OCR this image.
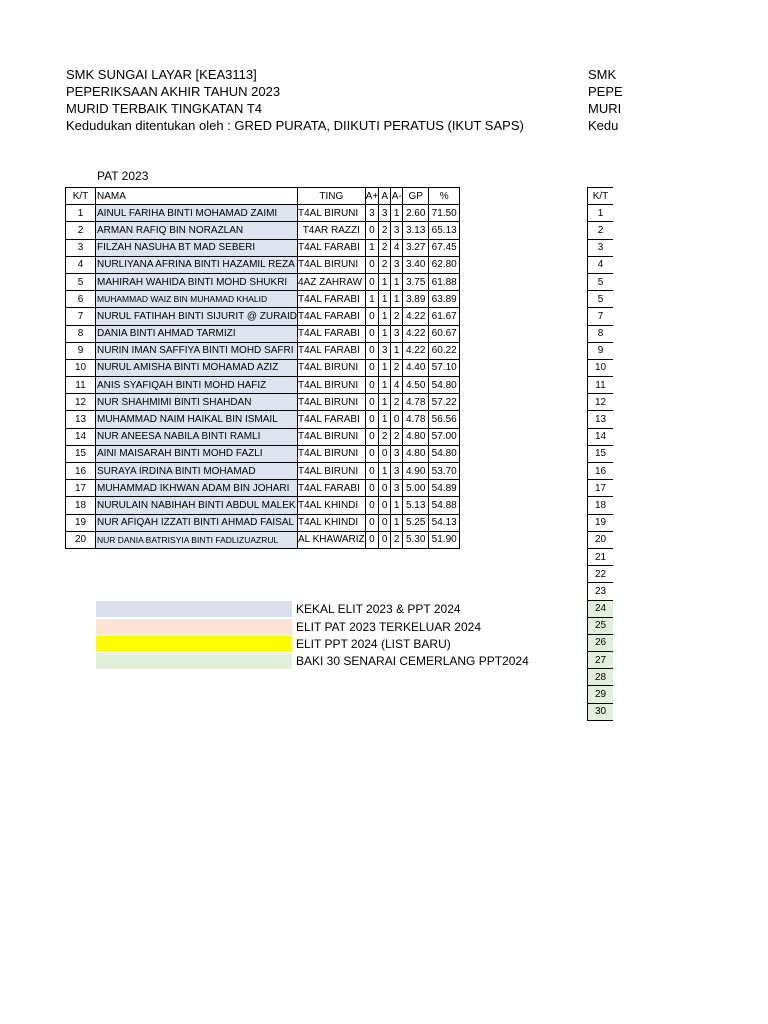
SMK SUNGAI LAYAR [KEA3113]
PEPERIKSAAN AKHIR TAHUN 2023
MURID TERBAIK TINGKATAN T4
Kedudukan ditentukan oleh : GRED PURATA, DIIKUTI PERATUS (IKUT SAPS)
SMK
PEPE
MURI
Kedu
PAT 2023
K/T	NAMA	TING	A+	A	A-	GP	%
1	AINUL FARIHA BINTI MOHAMAD ZAIMI	T4AL BIRUNI	3	3	1	2.60	71.50
2	ARMAN RAFIQ BIN NORAZLAN	T4AR RAZZI	0	2	3	3.13	65.13
3	FILZAH NASUHA BT MAD SEBERI	T4AL FARABI	1	2	4	3.27	67.45
4	NURLIYANA AFRINA BINTI HAZAMIL REZA	T4AL BIRUNI	0	2	3	3.40	62.80
5	MAHIRAH WAHIDA BINTI MOHD SHUKRI	4AZ ZAHRAW	0	1	1	3.75	61.88
6	MUHAMMAD WAIZ BIN MUHAMAD KHALID	T4AL FARABI	1	1	1	3.89	63.89
7	NURUL FATIHAH BINTI SIJURIT @ ZURAID	T4AL FARABI	0	1	2	4.22	61.67
8	DANIA BINTI AHMAD TARMIZI	T4AL FARABI	0	1	3	4.22	60.67
9	NURIN IMAN SAFFIYA BINTI MOHD SAFRI	T4AL FARABI	0	3	1	4.22	60.22
10	NURUL AMISHA BINTI MOHAMAD AZIZ	T4AL BIRUNI	0	1	2	4.40	57.10
11	ANIS SYAFIQAH BINTI MOHD HAFIZ	T4AL BIRUNI	0	1	4	4.50	54.80
12	NUR SHAHMIMI BINTI SHAHDAN	T4AL BIRUNI	0	1	2	4.78	57.22
13	MUHAMMAD NAIM HAIKAL BIN ISMAIL	T4AL FARABI	0	1	0	4.78	56.56
14	NUR ANEESA NABILA BINTI RAMLI	T4AL BIRUNI	0	2	2	4.80	57.00
15	AINI MAISARAH BINTI MOHD FAZLI	T4AL BIRUNI	0	0	3	4.80	54.80
16	SURAYA IRDINA BINTI MOHAMAD	T4AL BIRUNI	0	1	3	4.90	53.70
17	MUHAMMAD IKHWAN ADAM BIN JOHARI	T4AL FARABI	0	0	3	5.00	54.89
18	NURULAIN NABIHAH BINTI ABDUL MALEK	T4AL KHINDI	0	0	1	5.13	54.88
19	NUR AFIQAH IZZATI BINTI AHMAD FAISAL	T4AL KHINDI	0	0	1	5.25	54.13
20	NUR DANIA BATRISYIA BINTI FADLIZUAZRUL	AL KHAWARIZ	0	0	2	5.30	51.90
K/T
1
2
3
4
5
5
7
8
9
10
11
12
13
14
15
16
17
18
19
20
21
22
23
24
25
26
27
28
29
30
KEKAL ELIT 2023 & PPT 2024
ELIT PAT 2023 TERKELUAR 2024
ELIT PPT 2024 (LIST BARU)
BAKI 30 SENARAI CEMERLANG PPT2024
